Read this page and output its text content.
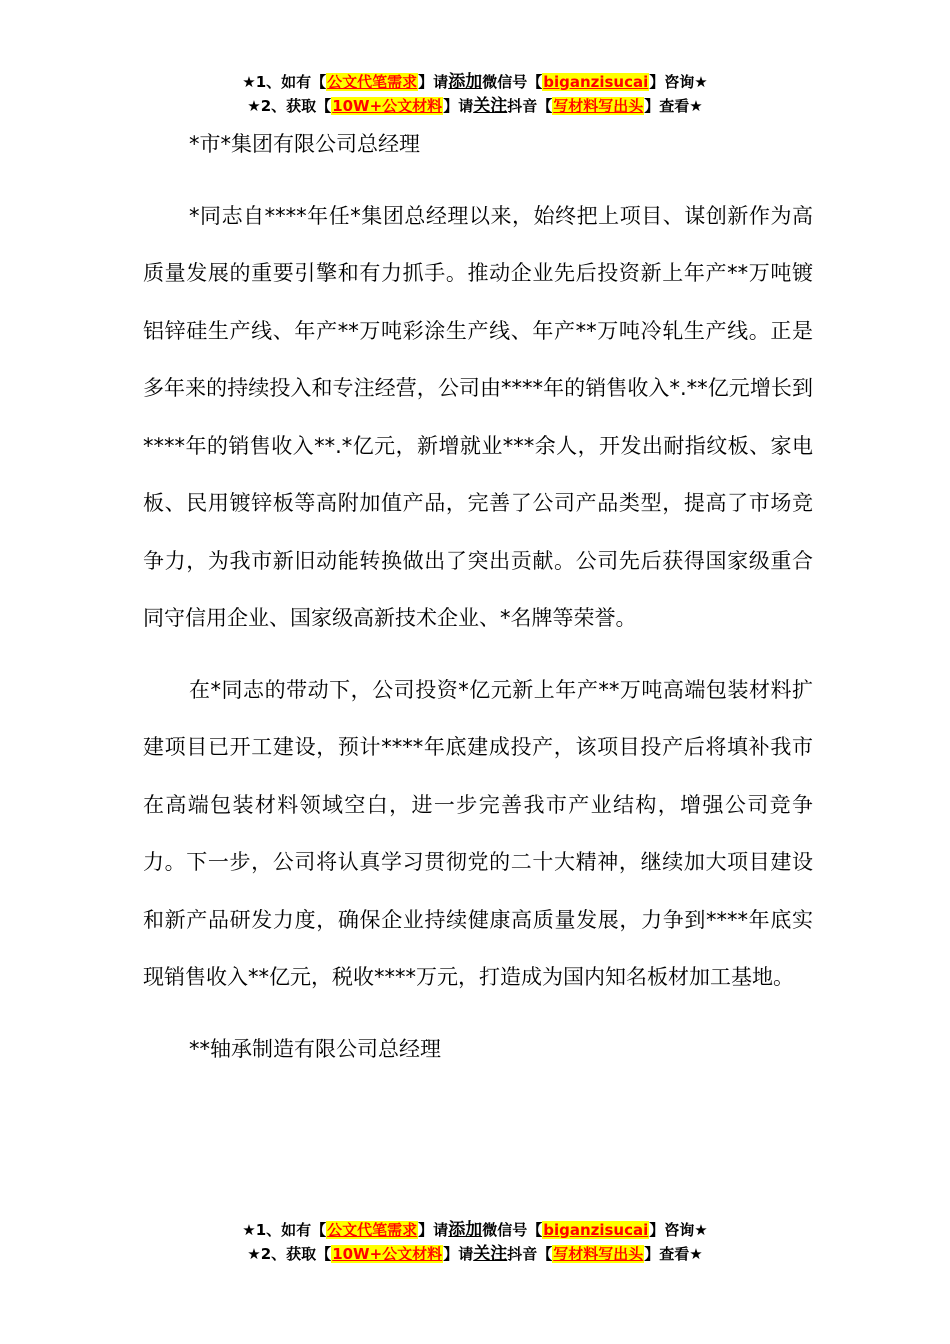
★1、如有【公文代笔需求】请添加微信号【biganzisucai】咨询★
★2、获取【10W+公文材料】请关注抖音【写材料写出头】查看★

*市*集团有限公司总经理

*同志自****年任*集团总经理以来，始终把上项目、谋创新作为高质量发展的重要引擎和有力抓手。推动企业先后投资新上年产**万吨镀铝锌硅生产线、年产**万吨彩涂生产线、年产**万吨冷轧生产线。正是多年来的持续投入和专注经营，公司由****年的销售收入*.**亿元增长到****年的销售收入**.*亿元，新增就业***余人，开发出耐指纹板、家电板、民用镀锌板等高附加值产品，完善了公司产品类型，提高了市场竞争力，为我市新旧动能转换做出了突出贡献。公司先后获得国家级重合同守信用企业、国家级高新技术企业、*名牌等荣誉。

在*同志的带动下，公司投资*亿元新上年产**万吨高端包装材料扩建项目已开工建设，预计****年底建成投产，该项目投产后将填补我市在高端包装材料领域空白，进一步完善我市产业结构，增强公司竞争力。下一步，公司将认真学习贯彻党的二十大精神，继续加大项目建设和新产品研发力度，确保企业持续健康高质量发展，力争到****年底实现销售收入**亿元，税收****万元，打造成为国内知名板材加工基地。

**轴承制造有限公司总经理

★1、如有【公文代笔需求】请添加微信号【biganzisucai】咨询★
★2、获取【10W+公文材料】请关注抖音【写材料写出头】查看★
